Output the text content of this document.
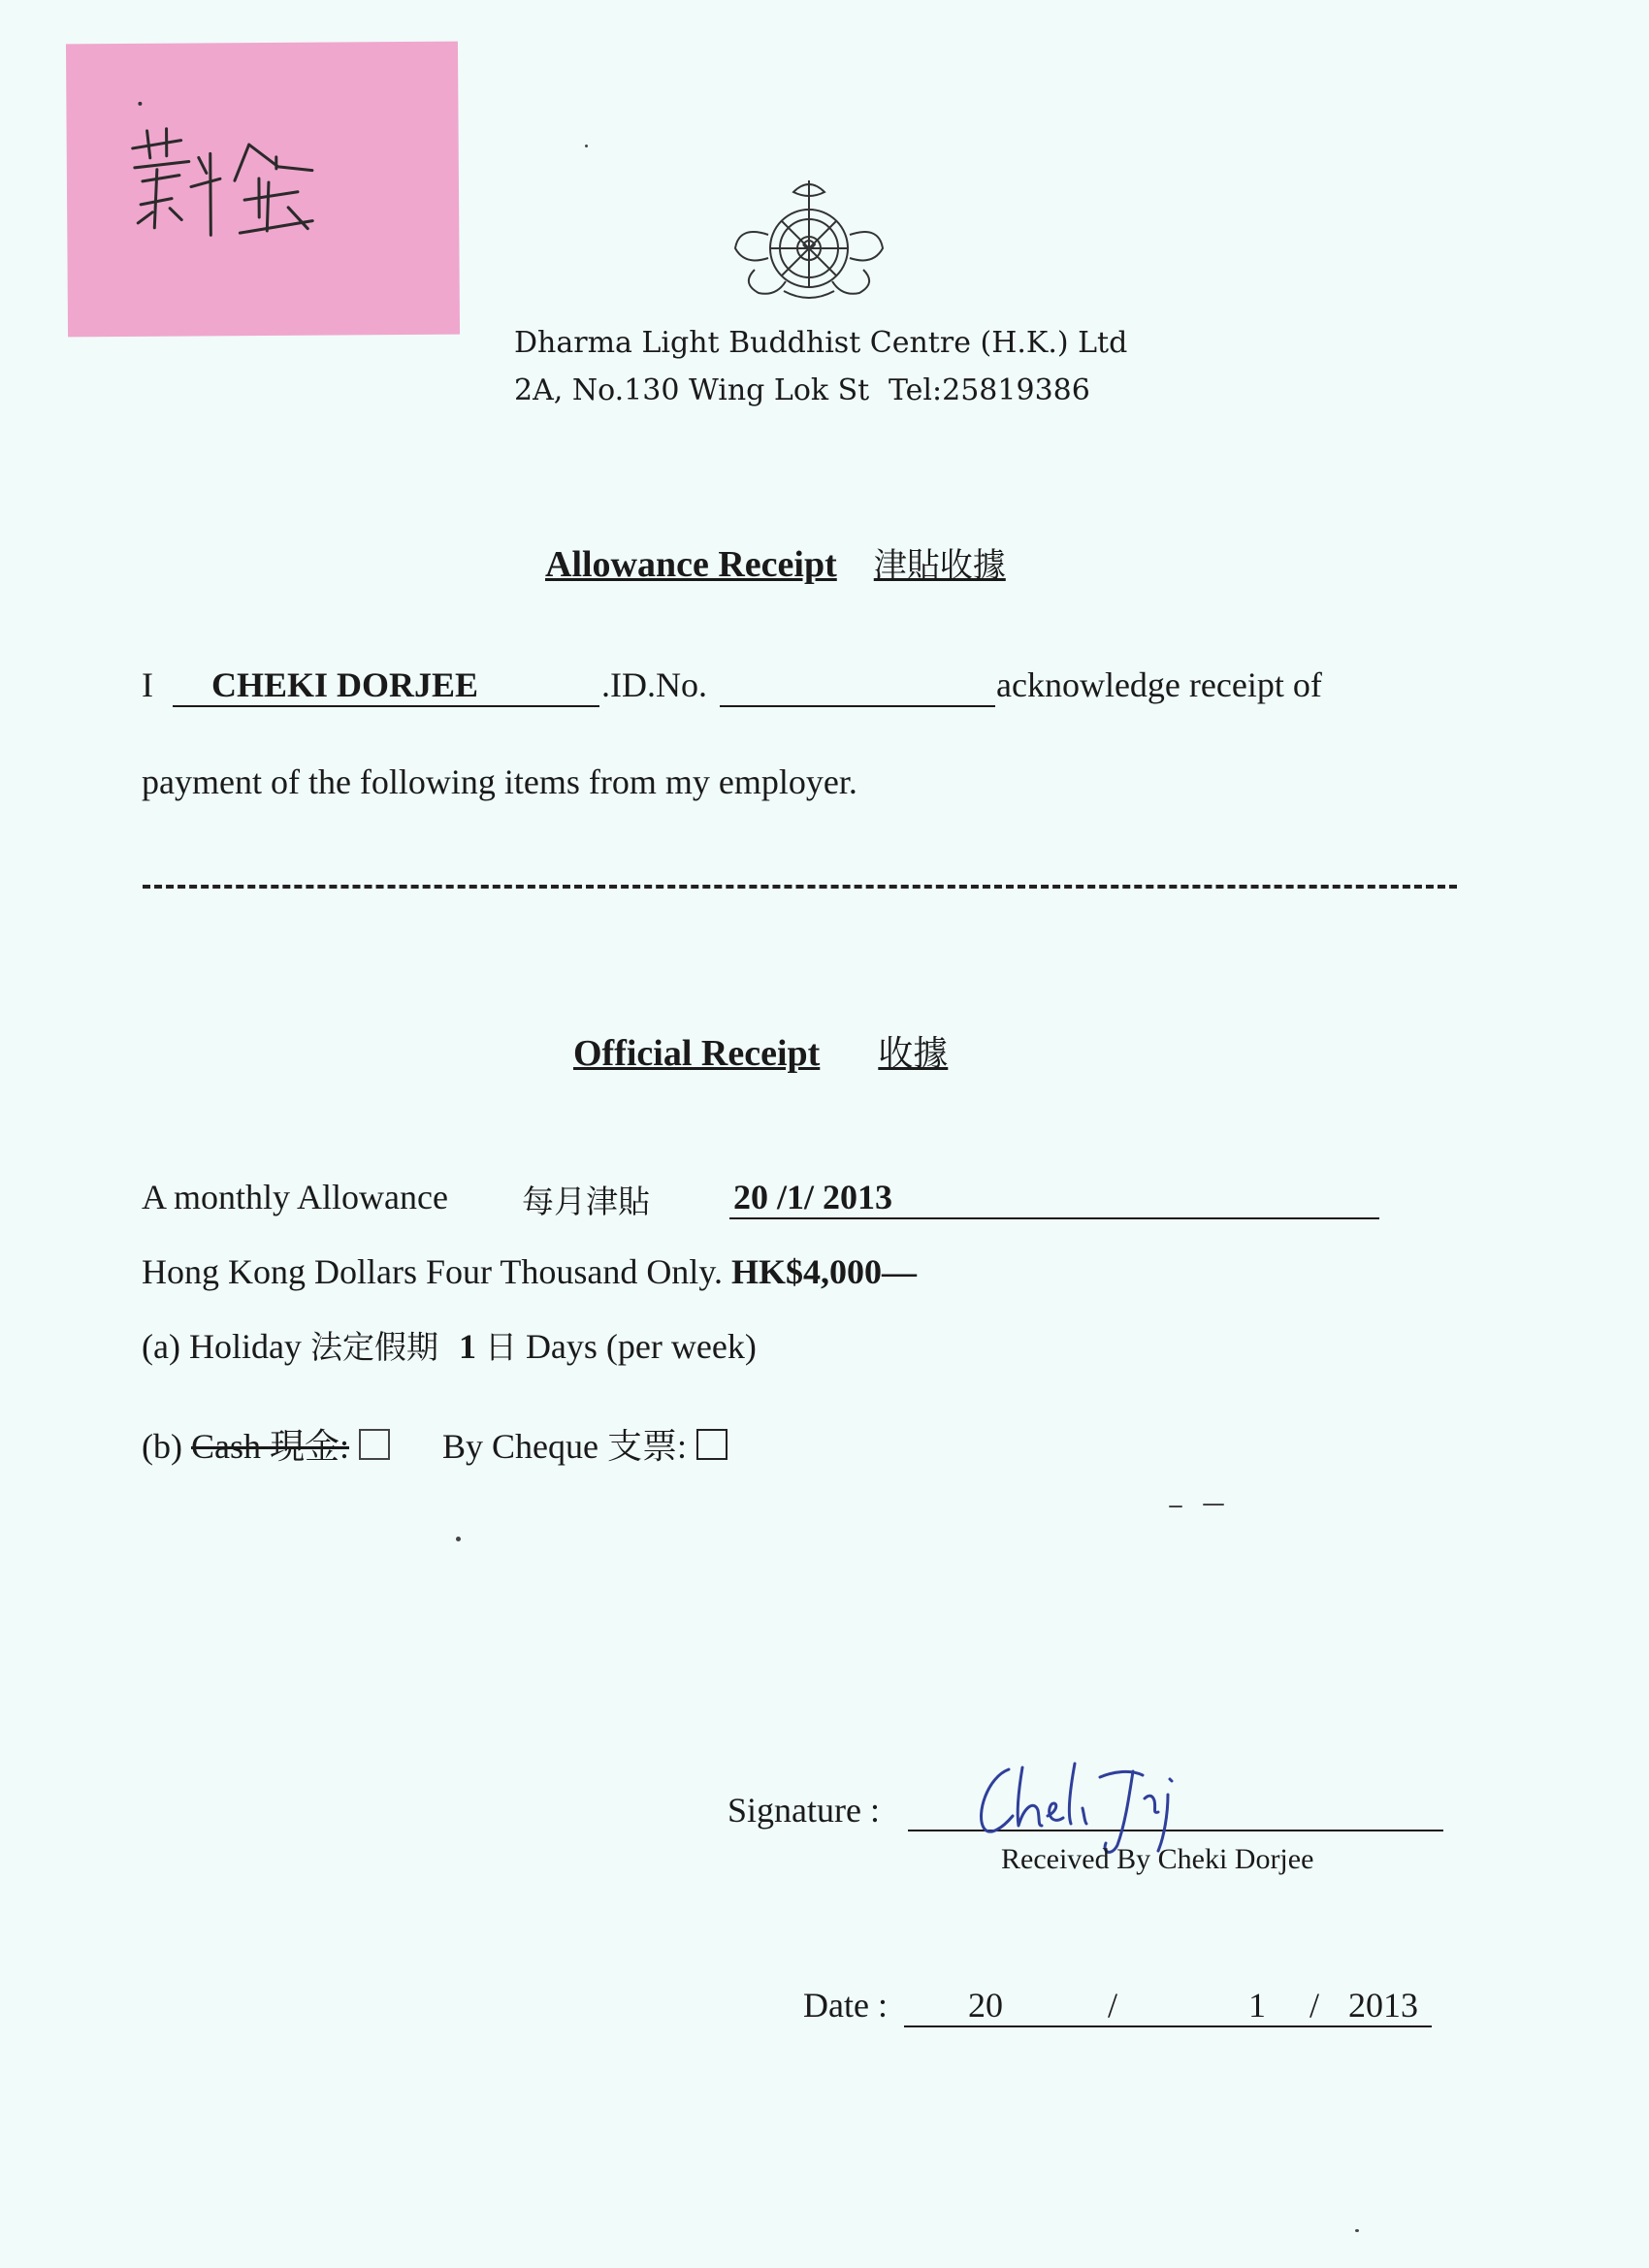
Dharma Light Buddhist Centre (H.K.) Ltd
2A, No.130 Wing Lok St Tel:25819386
Allowance Receipt 津貼收據
I CHEKI DORJEE	.ID.No.	acknowledge receipt of
payment of the following items from my employer.
Official Receipt 收據
A monthly Allowance 每月津貼 20 /1/ 2013
Hong Kong Dollars Four Thousand Only. HK$4,000—
(a) Holiday 法定假期 1 日 Days (per week)
(b) Cash 現金:	By Cheque 支票:
Signature :
Received By Cheki Dorjee
Date : 20	/	1 / 2013
